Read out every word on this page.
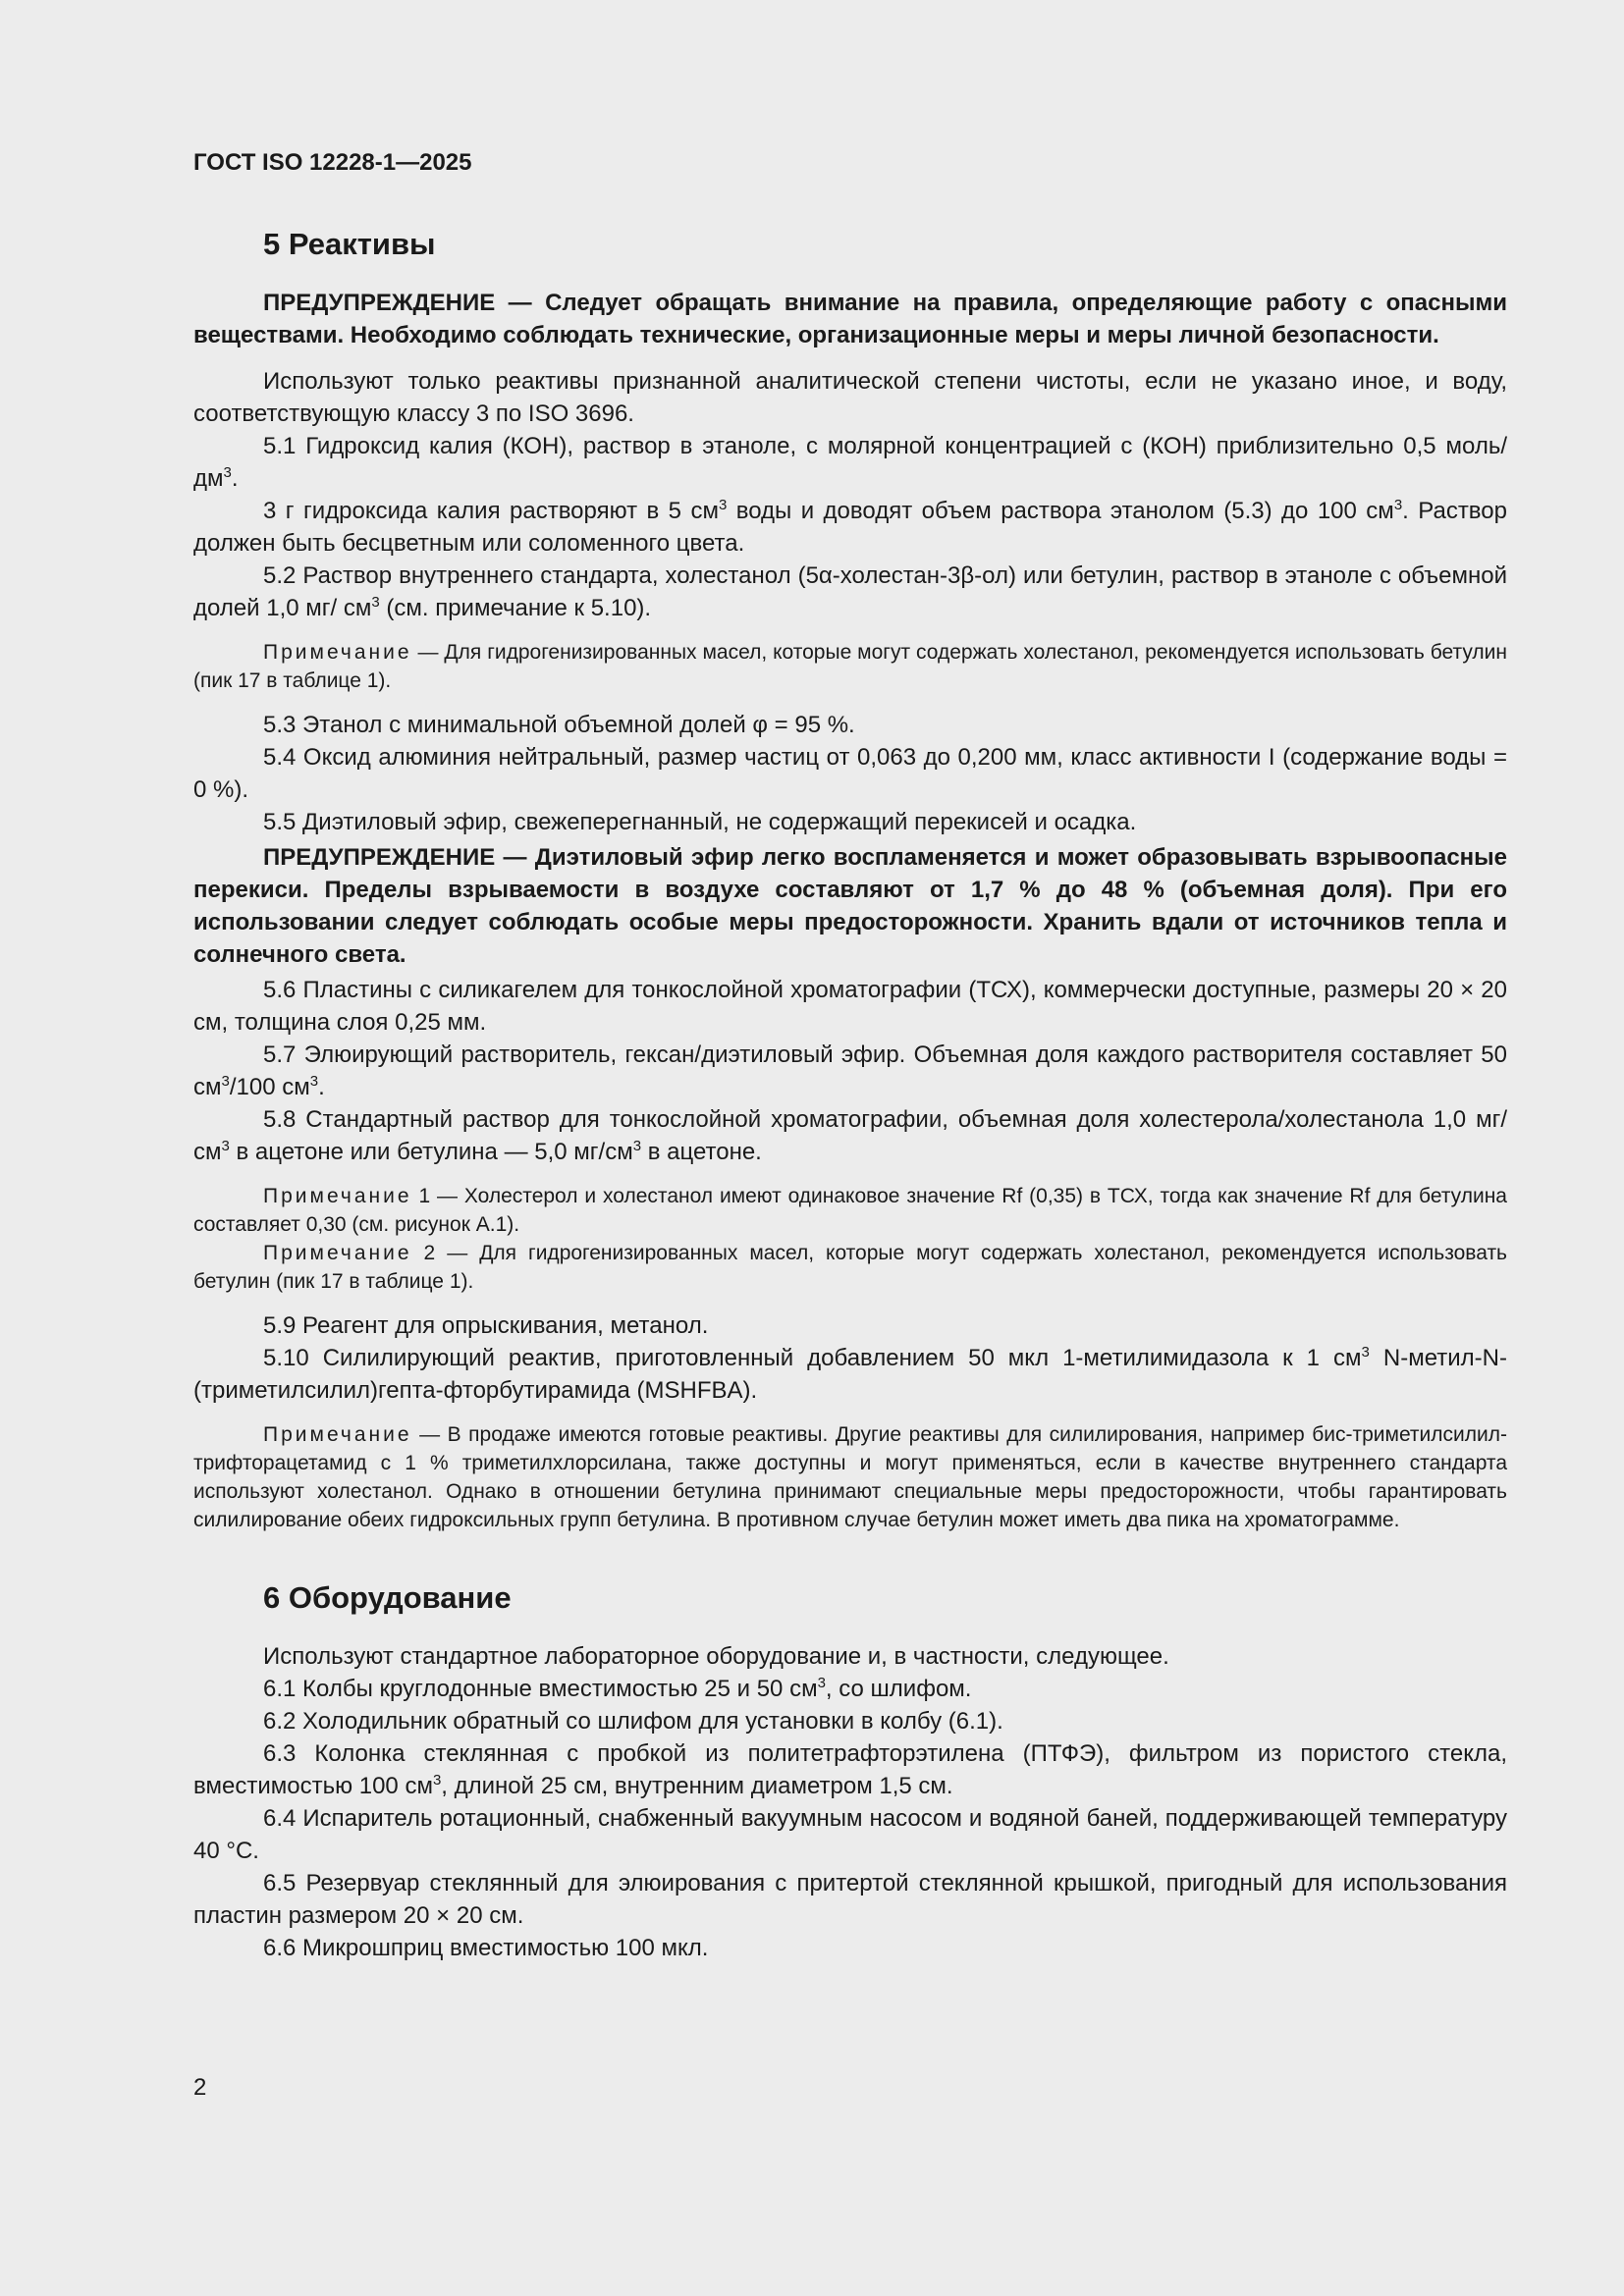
ГОСТ ISO 12228-1—2025
5 Реактивы

ПРЕДУПРЕЖДЕНИЕ — Следует обращать внимание на правила, определяющие работу с опасными веществами. Необходимо соблюдать технические, организационные меры и меры личной безопасности.

Используют только реактивы признанной аналитической степени чистоты, если не указано иное, и воду, соответствующую классу 3 по ISO 3696.

5.1 Гидроксид калия (КОН), раствор в этаноле, с молярной концентрацией c (КОН) приблизительно 0,5 моль/$дм^3$.

3 г гидроксида калия растворяют в 5 $см^3$ воды и доводят объем раствора этанолом (5.3) до 100 $см^3$. Раствор должен быть бесцветным или соломенного цвета.

5.2 Раствор внутреннего стандарта, холестанол (5α-холестан-3β-ол) или бетулин, раствор в этаноле с объемной долей 1,0 мг/ $см^3$ (см. примечание к 5.10).

Примечание — Для гидрогенизированных масел, которые могут содержать холестанол, рекомендуется использовать бетулин (пик 17 в таблице 1).

5.3 Этанол с минимальной объемной долей φ = 95 %.

5.4 Оксид алюминия нейтральный, размер частиц от 0,063 до 0,200 мм, класс активности I (содержание воды = 0 %).

5.5 Диэтиловый эфир, свежеперегнанный, не содержащий перекисей и осадка.

ПРЕДУПРЕЖДЕНИЕ — Диэтиловый эфир легко воспламеняется и может образовывать взрывоопасные перекиси. Пределы взрываемости в воздухе составляют от 1,7 % до 48 % (объемная доля). При его использовании следует соблюдать особые меры предосторожности. Хранить вдали от источников тепла и солнечного света.

5.6 Пластины с силикагелем для тонкослойной хроматографии (ТСХ), коммерчески доступные, размеры 20 × 20 см, толщина слоя 0,25 мм.

5.7 Элюирующий растворитель, гексан/диэтиловый эфир. Объемная доля каждого растворителя составляет 50 $см^3/100$ $см^3$.

5.8 Стандартный раствор для тонкослойной хроматографии, объемная доля холестерола/холестанола 1,0 $мг/см^3$ в ацетоне или бетулина — 5,0 $мг/см^3$ в ацетоне.

Примечание 1 — Холестерол и холестанол имеют одинаковое значение Rf (0,35) в ТСХ, тогда как значение Rf для бетулина составляет 0,30 (см. рисунок А.1).

Примечание 2 — Для гидрогенизированных масел, которые могут содержать холестанол, рекомендуется использовать бетулин (пик 17 в таблице 1).

5.9 Реагент для опрыскивания, метанол.

5.10 Силилирующий реактив, приготовленный добавлением 50 мкл 1-метилимидазола к 1 $см^3$ N-метил-N-(триметилсилил)гепта-фторбутирамида (MSHFBA).

Примечание — В продаже имеются готовые реактивы. Другие реактивы для силилирования, например бис-триметилсилил-трифторацетамид с 1 % триметилхлорсилана, также доступны и могут применяться, если в качестве внутреннего стандарта используют холестанол. Однако в отношении бетулина принимают специальные меры предосторожности, чтобы гарантировать силилирование обеих гидроксильных групп бетулина. В противном случае бетулин может иметь два пика на хроматограмме.

6 Оборудование

Используют стандартное лабораторное оборудование и, в частности, следующее.

6.1 Колбы круглодонные вместимостью 25 и 50 $см^3$, со шлифом.

6.2 Холодильник обратный со шлифом для установки в колбу (6.1).

6.3 Колонка стеклянная с пробкой из политетрафторэтилена (ПТФЭ), фильтром из пористого стекла, вместимостью 100 $см^3$, длиной 25 см, внутренним диаметром 1,5 см.

6.4 Испаритель ротационный, снабженный вакуумным насосом и водяной баней, поддерживающей температуру 40 °С.

6.5 Резервуар стеклянный для элюирования с притертой стеклянной крышкой, пригодный для использования пластин размером 20 × 20 см.

6.6 Микрошприц вместимостью 100 мкл.

2
